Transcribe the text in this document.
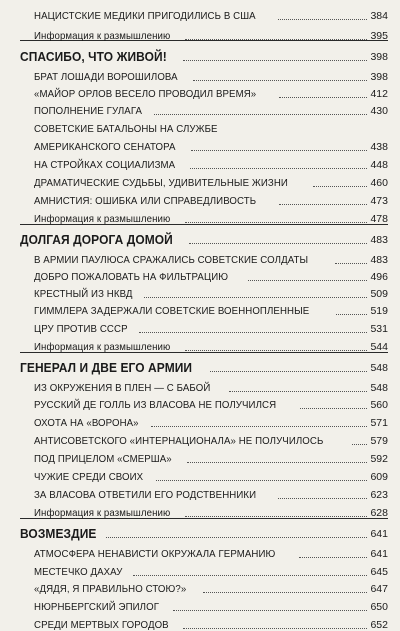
НАЦИСТСКИЕ МЕДИКИ ПРИГОДИЛИСЬ В США	384
Информация к размышлению	395
СПАСИБО, ЧТО ЖИВОЙ!	398
БРАТ ЛОШАДИ ВОРОШИЛОВА	398
«МАЙОР ОРЛОВ ВЕСЕЛО ПРОВОДИЛ ВРЕМЯ»	412
ПОПОЛНЕНИЕ ГУЛАГА	430
СОВЕТСКИЕ БАТАЛЬОНЫ НА СЛУЖБЕ
АМЕРИКАНСКОГО СЕНАТОРА	438
НА СТРОЙКАХ СОЦИАЛИЗМА	448
ДРАМАТИЧЕСКИЕ СУДЬБЫ, УДИВИТЕЛЬНЫЕ ЖИЗНИ	460
АМНИСТИЯ: ОШИБКА ИЛИ СПРАВЕДЛИВОСТЬ	473
Информация к размышлению	478
ДОЛГАЯ ДОРОГА ДОМОЙ	483
В АРМИИ ПАУЛЮСА СРАЖАЛИСЬ СОВЕТСКИЕ СОЛДАТЫ	483
ДОБРО ПОЖАЛОВАТЬ НА ФИЛЬТРАЦИЮ	496
КРЕСТНЫЙ ИЗ НКВД	509
ГИММЛЕРА ЗАДЕРЖАЛИ СОВЕТСКИЕ ВОЕННОПЛЕННЫЕ	519
ЦРУ ПРОТИВ СССР	531
Информация к размышлению	544
ГЕНЕРАЛ И ДВЕ ЕГО АРМИИ	548
ИЗ ОКРУЖЕНИЯ В ПЛЕН — С БАБОЙ	548
РУССКИЙ ДЕ ГОЛЛЬ ИЗ ВЛАСОВА НЕ ПОЛУЧИЛСЯ	560
ОХОТА НА «ВОРОНА»	571
АНТИСОВЕТСКОГО «ИНТЕРНАЦИОНАЛА» НЕ ПОЛУЧИЛОСЬ	579
ПОД ПРИЦЕЛОМ «СМЕРША»	592
ЧУЖИЕ СРЕДИ СВОИХ	609
ЗА ВЛАСОВА ОТВЕТИЛИ ЕГО РОДСТВЕННИКИ	623
Информация к размышлению	628
ВОЗМЕЗДИЕ	641
АТМОСФЕРА НЕНАВИСТИ ОКРУЖАЛА ГЕРМАНИЮ	641
МЕСТЕЧКО ДАХАУ	645
«ДЯДЯ, Я ПРАВИЛЬНО СТОЮ?»	647
НЮРНБЕРГСКИЙ ЭПИЛОГ	650
СРЕДИ МЕРТВЫХ ГОРОДОВ	652
